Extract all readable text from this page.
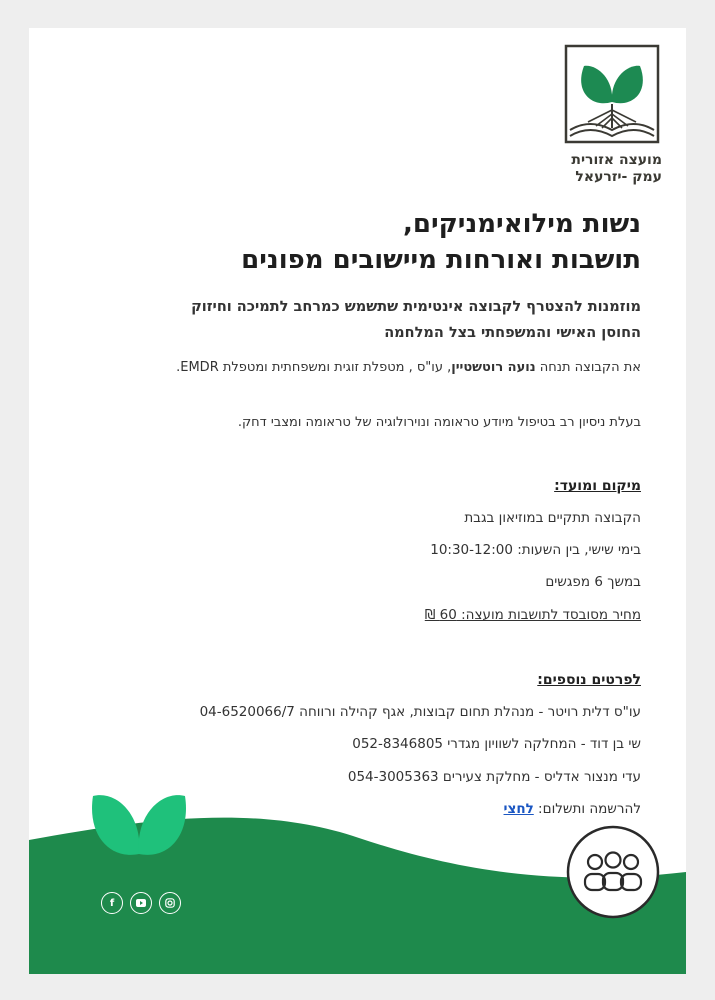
מועצה אזורית
עמק -יזרעאל
נשות מילואימניקים,
תושבות ואורחות מיישובים מפונים
מוזמנות להצטרף לקבוצה אינטימית שתשמש כמרחב לתמיכה וחיזוק
החוסן האישי והמשפחתי בצל המלחמה

את הקבוצה תנחה נועה רוטשטיין, עו"ס , מטפלת זוגית ומשפחתית ומטפלת EMDR.

בעלת ניסיון רב בטיפול מיודע טראומה ונוירולוגיה של טראומה ומצבי דחק.

מיקום ומועד:

הקבוצה תתקיים במוזיאון בגבת

בימי שישי, בין השעות: 10:30-12:00

במשך 6 מפגשים

מחיר מסובסד לתושבות מועצה: 60 ₪

לפרטים נוספים:

עו"ס דלית רויטר - מנהלת תחום קבוצות, אגף קהילה ורווחה 04-6520066/7

שי בן דוד - המחלקה לשוויון מגדרי 052-8346805

עדי מנצור אדליס - מחלקת צעירים 054-3005363

להרשמה ותשלום: לחצי

f
